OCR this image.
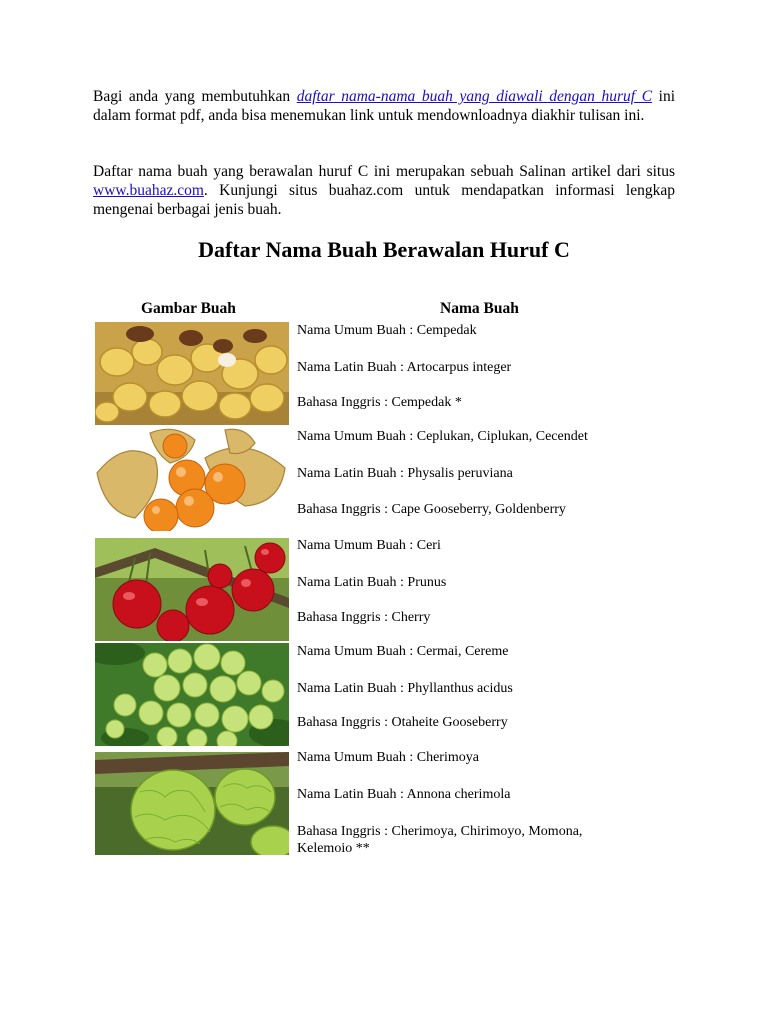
Bagi anda yang membutuhkan daftar nama-nama buah yang diawali dengan huruf C ini dalam format pdf, anda bisa menemukan link untuk mendownloadnya diakhir tulisan ini.

Daftar nama buah yang berawalan huruf C ini merupakan sebuah Salinan artikel dari situs www.buahaz.com. Kunjungi situs buahaz.com untuk mendapatkan informasi lengkap mengenai berbagai jenis buah.

Daftar Nama Buah Berawalan Huruf C
Gambar Buah	Nama Buah
Nama Umum Buah : Cempedak
Nama Latin Buah : Artocarpus integer
Bahasa Inggris : Cempedak *
Nama Umum Buah : Ceplukan, Ciplukan, Cecendet
Nama Latin Buah : Physalis peruviana
Bahasa Inggris : Cape Gooseberry, Goldenberry
Nama Umum Buah : Ceri
Nama Latin Buah : Prunus
Bahasa Inggris : Cherry
Nama Umum Buah : Cermai, Cereme
Nama Latin Buah : Phyllanthus acidus
Bahasa Inggris : Otaheite Gooseberry
Nama Umum Buah : Cherimoya
Nama Latin Buah : Annona cherimola
Bahasa Inggris : Cherimoya, Chirimoyo, Momona, Kelemoio **
